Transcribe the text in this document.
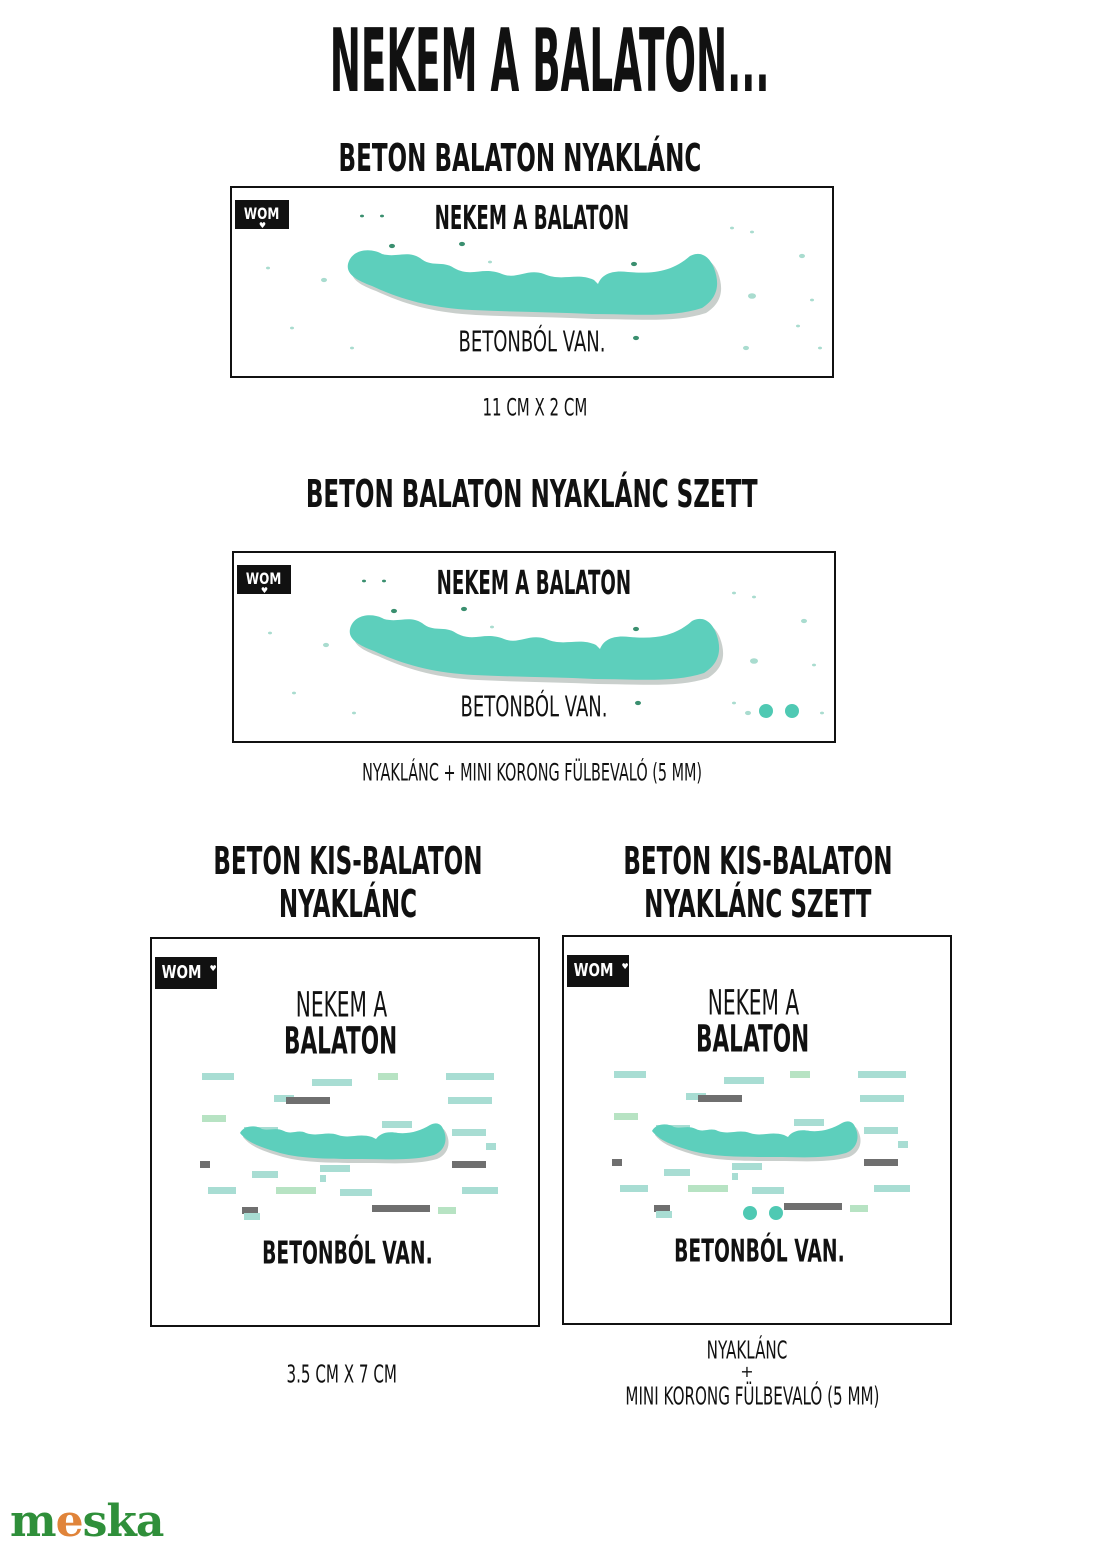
NEKEM A BALATON...
BETON BALATON NYAKLÁNC
WOM♥	NEKEM A BALATON
BETONBÓL VAN.
11 CM X 2 CM
BETON BALATON NYAKLÁNC SZETT
WOM♥	NEKEM A BALATON
BETONBÓL VAN.
NYAKLÁNC + MINI KORONG FÜLBEVALÓ (5 MM)
BETON KIS-BALATON
NYAKLÁNC
WOM ♥
NEKEM A
BALATON
BETONBÓL VAN.
3.5 CM X 7 CM
BETON KIS-BALATON
NYAKLÁNC SZETT
WOM ♥
NEKEM A
BALATON
BETONBÓL VAN.
NYAKLÁNC
+
MINI KORONG FÜLBEVALÓ (5 MM)
meska
